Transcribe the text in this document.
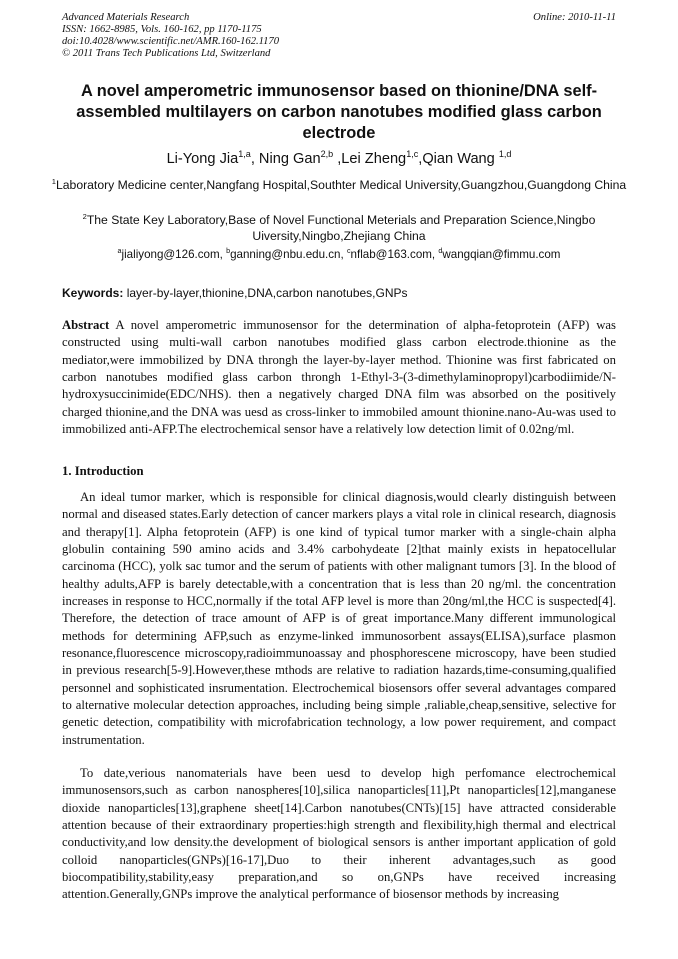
Advanced Materials Research	Online: 2010-11-11
ISSN: 1662-8985, Vols. 160-162, pp 1170-1175
doi:10.4028/www.scientific.net/AMR.160-162.1170
© 2011 Trans Tech Publications Ltd, Switzerland
A novel amperometric immunosensor based on thionine/DNA self-assembled multilayers on carbon nanotubes modified glass carbon electrode
Li-Yong Jia$^{1,a}$, Ning Gan$^{2,b}$ ,Lei Zheng$^{1,c}$,Qian Wang $^{1,d}$
$^1$Laboratory Medicine center,Nangfang Hospital,Southter Medical University,Guangzhou,Guangdong China
$^2$The State Key Laboratory,Base of Novel Functional Meterials and Preparation Science,Ningbo Uiversity,Ningbo,Zhejiang China
$^a$jialiyong@126.com, $^b$ganning@nbu.edu.cn, $^c$nflab@163.com, $^d$wangqian@fimmu.com
Keywords: layer-by-layer,thionine,DNA,carbon nanotubes,GNPs
Abstract A novel amperometric immunosensor for the determination of alpha-fetoprotein (AFP) was constructed using multi-wall carbon nanotubes modified glass carbon electrode.thionine as the mediator,were immobilized by DNA throngh the layer-by-layer method. Thionine was first fabricated on carbon nanotubes modified glass carbon throngh 1-Ethyl-3-(3-dimethylaminopropyl)carbodiimide/N-hydroxysuccinimide(EDC/NHS). then a negatively charged DNA film was absorbed on the positively charged thionine,and the DNA was uesd as cross-linker to immobiled amount thionine.nano-Au-was used to immobilized anti-AFP.The electrochemical sensor have a relatively low detection limit of 0.02ng/ml.
1. Introduction
An ideal tumor marker, which is responsible for clinical diagnosis,would clearly distinguish between normal and diseased states.Early detection of cancer markers plays a vital role in clinical research, diagnosis and therapy[1]. Alpha fetoprotein (AFP) is one kind of typical tumor marker with a single-chain alpha globulin containing 590 amino acids and 3.4% carbohydeate [2]that mainly exists in hepatocellular carcinoma (HCC), yolk sac tumor and the serum of patients with other malignant tumors [3]. In the blood of healthy adults,AFP is barely detectable,with a concentration that is less than 20 ng/ml. the concentration increases in response to HCC,normally if the total AFP level is more than 20ng/ml,the HCC is suspected[4]. Therefore, the detection of trace amount of AFP is of great importance.Many different immunological methods for determining AFP,such as enzyme-linked immunosorbent assays(ELISA),surface plasmon resonance,fluorescence microscopy,radioimmunoassay and phosphorescene microscopy, have been studied in previous research[5-9].However,these mthods are relative to radiation hazards,time-consuming,qualified personnel and sophisticated insrumentation. Electrochemical biosensors offer several advantages compared to alternative molecular detection approaches, including being simple ,raliable,cheap,sensitive, selective for genetic detection, compatibility with microfabrication technology, a low power requirement, and compact instrumentation.
To date,verious nanomaterials have been uesd to develop high perfomance electrochemical immunosensors,such as carbon nanospheres[10],silica nanoparticles[11],Pt nanoparticles[12],manganese dioxide nanoparticles[13],graphene sheet[14].Carbon nanotubes(CNTs)[15] have attracted considerable attention because of their extraordinary properties:high strength and flexibility,high thermal and electrical conductivity,and low density.the development of biological sensors is anther important application of gold colloid nanoparticles(GNPs)[16-17],Duo to their inherent advantages,such as good biocompatibility,stability,easy preparation,and so on,GNPs have received increasing attention.Generally,GNPs improve the analytical performance of biosensor methods by increasing
